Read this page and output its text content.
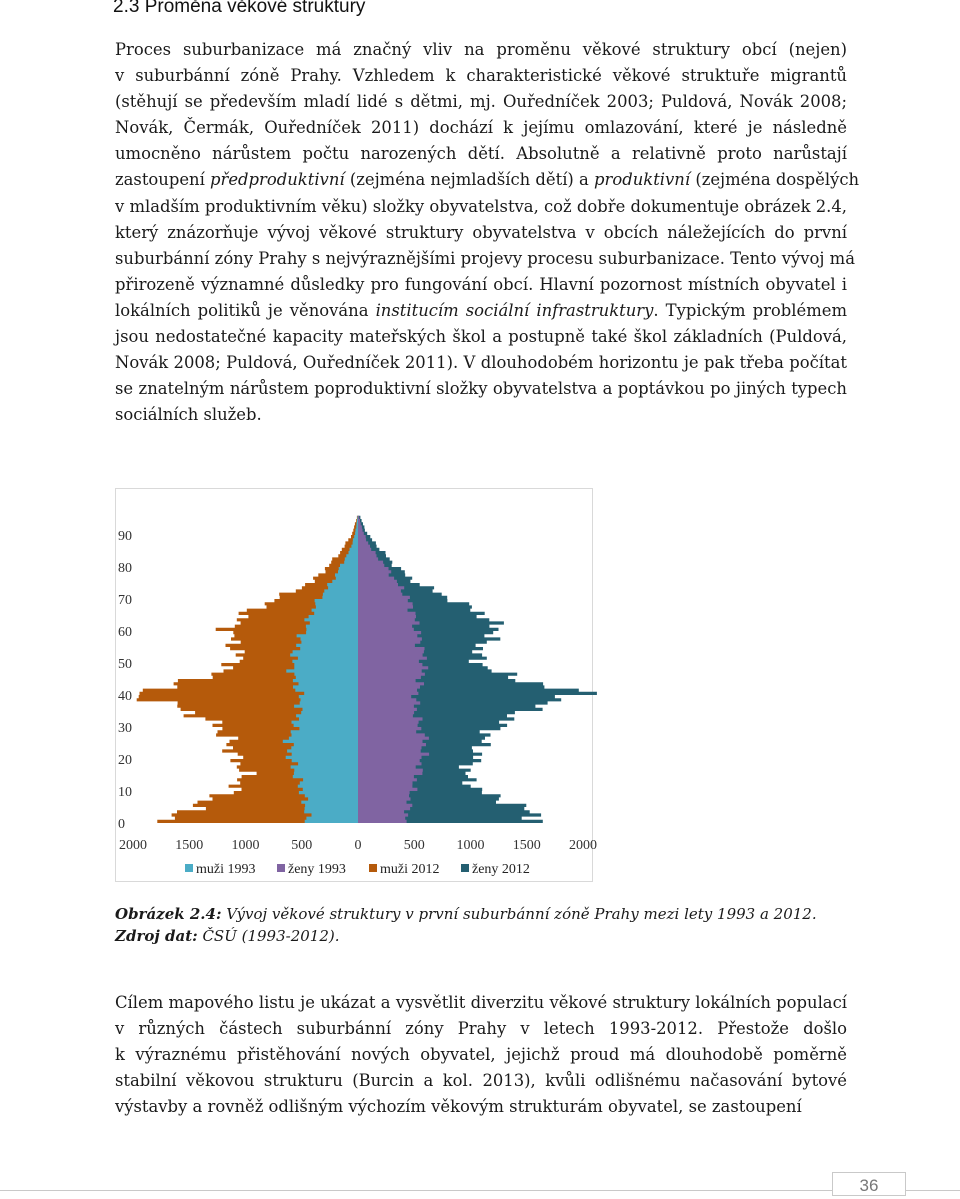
2.3 Proměna věkové struktury

Proces suburbanizace má značný vliv na proměnu věkové struktury obcí (nejen)
v suburbánní zóně Prahy. Vzhledem k charakteristické věkové struktuře migrantů
(stěhují se především mladí lidé s dětmi, mj. Ouředníček 2003; Puldová, Novák 2008;
Novák, Čermák, Ouředníček 2011) dochází k jejímu omlazování, které je následně
umocněno nárůstem počtu narozených dětí. Absolutně a relativně proto narůstají
zastoupení předproduktivní (zejména nejmladších dětí) a produktivní (zejména dospělých
v mladším produktivním věku) složky obyvatelstva, což dobře dokumentuje obrázek 2.4,
který znázorňuje vývoj věkové struktury obyvatelstva v obcích náležejících do první
suburbánní zóny Prahy s nejvýraznějšími projevy procesu suburbanizace. Tento vývoj má
přirozeně významné důsledky pro fungování obcí. Hlavní pozornost místních obyvatel i
lokálních politiků je věnována institucím sociální infrastruktury. Typickým problémem
jsou nedostatečné kapacity mateřských škol a postupně také škol základních (Puldová,
Novák 2008; Puldová, Ouředníček 2011). V dlouhodobém horizontu je pak třeba počítat
se znatelným nárůstem poproduktivní složky obyvatelstva a poptávkou po jiných typech
sociálních služeb.

0
10
20
30
40
50
60
70
80
90
2000 1500 1000 500	0	500 1000 1500 2000
muži 1993 ženy 1993 muži 2012 ženy 2012
Obrázek 2.4: Vývoj věkové struktury v první suburbánní zóně Prahy mezi lety 1993 a 2012.
Zdroj dat: ČSÚ (1993-2012).

Cílem mapového listu je ukázat a vysvětlit diverzitu věkové struktury lokálních populací
v různých částech suburbánní zóny Prahy v letech 1993-2012. Přestože došlo
k výraznému přistěhování nových obyvatel, jejichž proud má dlouhodobě poměrně
stabilní věkovou strukturu (Burcin a kol. 2013), kvůli odlišnému načasování bytové
výstavby a rovněž odlišným výchozím věkovým strukturám obyvatel, se zastoupení

36
